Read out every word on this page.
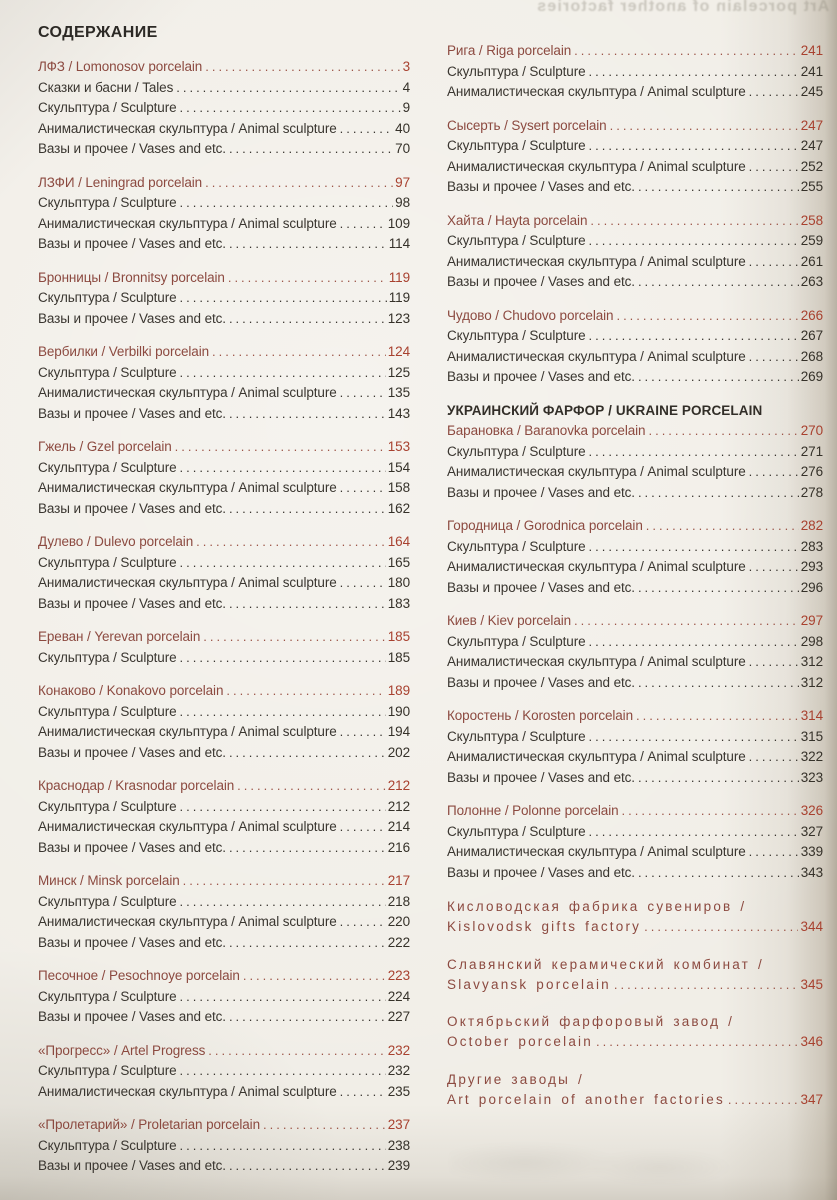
Art porcelain of another factories
СОДЕРЖАНИЕ
ЛФЗ / Lomonosov porcelain .....	3
Сказки и басни / Tales .....	4
Скульптура / Sculpture .....	9
Анималистическая скульптура / Animal sculpture .....	40
Вазы и прочее / Vases and etc. .....	70
ЛЗФИ / Leningrad porcelain .....	97
Скульптура / Sculpture .....	98
Анималистическая скульптура / Animal sculpture .....	109
Вазы и прочее / Vases and etc. .....	114
Бронницы / Bronnitsy porcelain .....	119
Скульптура / Sculpture .....	119
Вазы и прочее / Vases and etc. .....	123
Вербилки / Verbilki porcelain .....	124
Скульптура / Sculpture .....	125
Анималистическая скульптура / Animal sculpture .....	135
Вазы и прочее / Vases and etc. .....	143
Гжель / Gzel porcelain .....	153
Скульптура / Sculpture .....	154
Анималистическая скульптура / Animal sculpture .....	158
Вазы и прочее / Vases and etc. .....	162
Дулево / Dulevo porcelain .....	164
Скульптура / Sculpture .....	165
Анималистическая скульптура / Animal sculpture .....	180
Вазы и прочее / Vases and etc. .....	183
Ереван / Yerevan porcelain .....	185
Скульптура / Sculpture .....	185
Конаково / Konakovo porcelain .....	189
Скульптура / Sculpture .....	190
Анималистическая скульптура / Animal sculpture .....	194
Вазы и прочее / Vases and etc. .....	202
Краснодар / Krasnodar porcelain .....	212
Скульптура / Sculpture .....	212
Анималистическая скульптура / Animal sculpture .....	214
Вазы и прочее / Vases and etc. .....	216
Минск / Minsk porcelain .....	217
Скульптура / Sculpture .....	218
Анималистическая скульптура / Animal sculpture .....	220
Вазы и прочее / Vases and etc. .....	222
Песочное / Pesochnoye porcelain .....	223
Скульптура / Sculpture .....	224
Вазы и прочее / Vases and etc. .....	227
«Прогресс» / Artel Progress .....	232
Скульптура / Sculpture .....	232
Анималистическая скульптура / Animal sculpture .....	235
«Пролетарий» / Proletarian porcelain .....	237
Скульптура / Sculpture .....	238
Вазы и прочее / Vases and etc. .....	239
Рига / Riga porcelain .....	241
Скульптура / Sculpture .....	241
Анималистическая скульптура / Animal sculpture .....	245
Сысерть / Sysert porcelain .....	247
Скульптура / Sculpture .....	247
Анималистическая скульптура / Animal sculpture .....	252
Вазы и прочее / Vases and etc. .....	255
Хайта / Hayta porcelain .....	258
Скульптура / Sculpture .....	259
Анималистическая скульптура / Animal sculpture .....	261
Вазы и прочее / Vases and etc. .....	263
Чудово / Chudovo porcelain .....	266
Скульптура / Sculpture .....	267
Анималистическая скульптура / Animal sculpture .....	268
Вазы и прочее / Vases and etc. .....	269
УКРАИНСКИЙ ФАРФОР / UKRAINE PORCELAIN
Барановка / Baranovka porcelain .....	270
Скульптура / Sculpture .....	271
Анималистическая скульптура / Animal sculpture .....	276
Вазы и прочее / Vases and etc. .....	278
Городница / Gorodnica porcelain .....	282
Скульптура / Sculpture .....	283
Анималистическая скульптура / Animal sculpture .....	293
Вазы и прочее / Vases and etc. .....	296
Киев / Kiev porcelain .....	297
Скульптура / Sculpture .....	298
Анималистическая скульптура / Animal sculpture .....	312
Вазы и прочее / Vases and etc. .....	312
Коростень / Korosten porcelain .....	314
Скульптура / Sculpture .....	315
Анималистическая скульптура / Animal sculpture .....	322
Вазы и прочее / Vases and etc. .....	323
Полонне / Polonne porcelain .....	326
Скульптура / Sculpture .....	327
Анималистическая скульптура / Animal sculpture .....	339
Вазы и прочее / Vases and etc. .....	343
Кисловодская фабрика сувениров /
Kislovodsk gifts factory .....	344
Славянский керамический комбинат /
Slavyansk porcelain .....	345
Октябрьский фарфоровый завод /
October porcelain .....	346
Другие заводы /
Art porcelain of another factories .....	347
